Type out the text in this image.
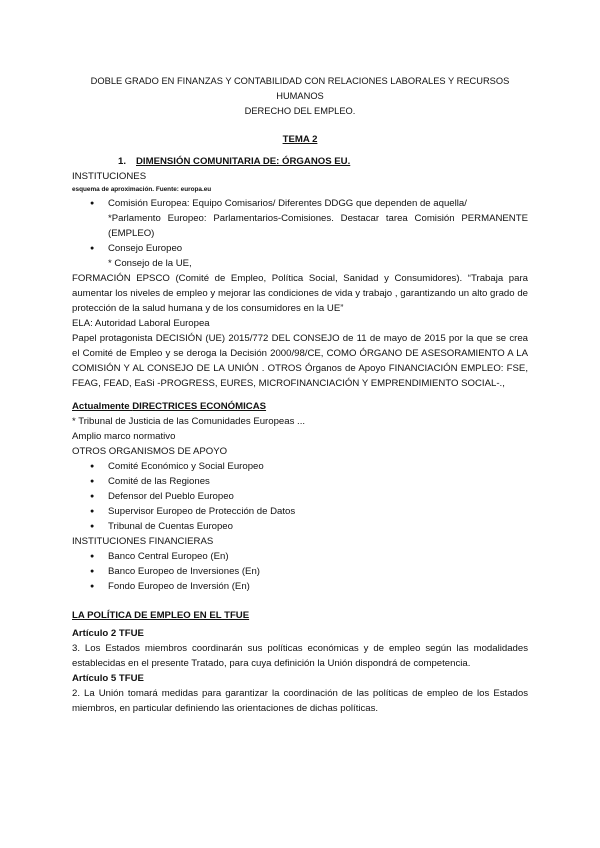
DOBLE GRADO EN FINANZAS Y CONTABILIDAD CON RELACIONES LABORALES Y RECURSOS HUMANOS
DERECHO DEL EMPLEO.
TEMA 2
1. DIMENSIÓN COMUNITARIA DE: ÓRGANOS EU.
INSTITUCIONES
esquema de aproximación. Fuente: europa.eu
● Comisión Europea: Equipo Comisarios/ Diferentes DDGG que dependen de aquella/
*Parlamento Europeo: Parlamentarios-Comisiones. Destacar tarea Comisión PERMANENTE (EMPLEO)
● Consejo Europeo
* Consejo de la UE,
FORMACIÓN EPSCO (Comité de Empleo, Política Social, Sanidad y Consumidores). “Trabaja para aumentar los niveles de empleo y mejorar las condiciones de vida y trabajo , garantizando un alto grado de protección de la salud humana y de los consumidores en la UE”
ELA: Autoridad Laboral Europea
Papel protagonista DECISIÓN (UE) 2015/772 DEL CONSEJO de 11 de mayo de 2015 por la que se crea el Comité de Empleo y se deroga la Decisión 2000/98/CE, COMO ÓRGANO DE ASESORAMIENTO A LA COMISIÓN Y AL CONSEJO DE LA UNIÓN . OTROS Órganos de Apoyo FINANCIACIÓN EMPLEO: FSE, FEAG, FEAD, EaSi -PROGRESS, EURES, MICROFINANCIACIÓN Y EMPRENDIMIENTO SOCIAL-.,
Actualmente DIRECTRICES ECONÓMICAS
* Tribunal de Justicia de las Comunidades Europeas ...
Amplio marco normativo
OTROS ORGANISMOS DE APOYO
● Comité Económico y Social Europeo
● Comité de las Regiones
● Defensor del Pueblo Europeo
● Supervisor Europeo de Protección de Datos
● Tribunal de Cuentas Europeo
INSTITUCIONES FINANCIERAS
● Banco Central Europeo (En)
● Banco Europeo de Inversiones (En)
● Fondo Europeo de Inversión (En)
LA POLÍTICA DE EMPLEO EN EL TFUE
Artículo 2 TFUE
3. Los Estados miembros coordinarán sus políticas económicas y de empleo según las modalidades establecidas en el presente Tratado, para cuya definición la Unión dispondrá de competencia.
Artículo 5 TFUE
2. La Unión tomará medidas para garantizar la coordinación de las políticas de empleo de los Estados miembros, en particular definiendo las orientaciones de dichas políticas.
